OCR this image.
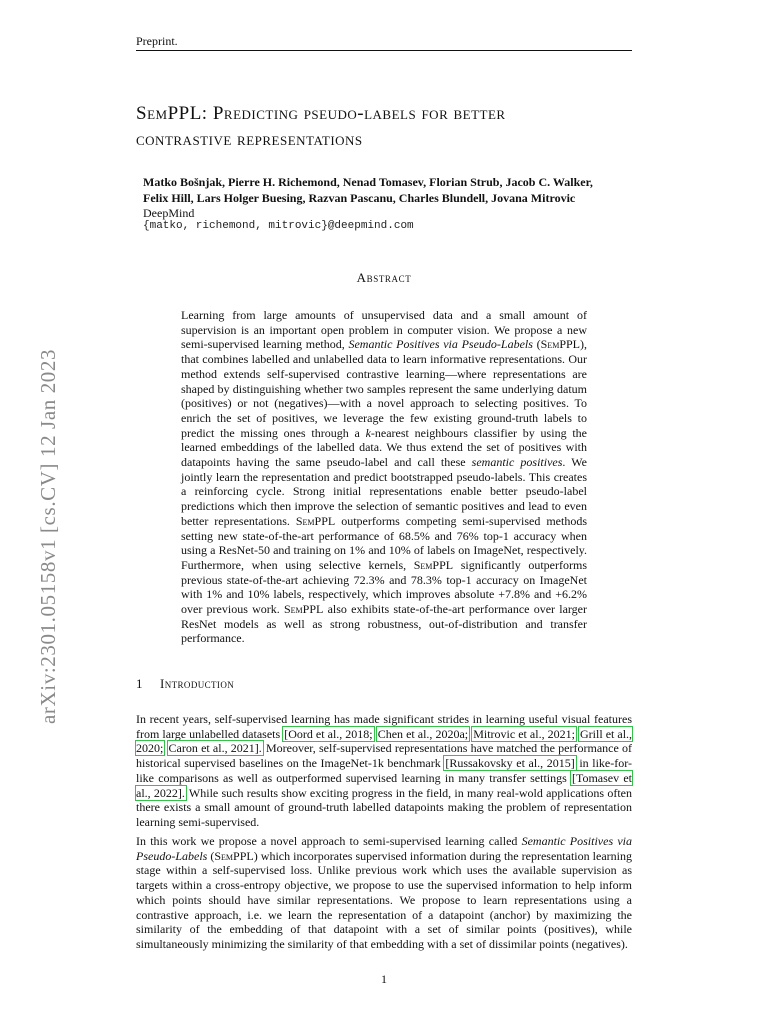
Preprint.
arXiv:2301.05158v1 [cs.CV] 12 Jan 2023
SemPPL: Predicting pseudo-labels for better
contrastive representations
Matko Bošnjak, Pierre H. Richemond, Nenad Tomasev, Florian Strub, Jacob C. Walker,
Felix Hill, Lars Holger Buesing, Razvan Pascanu, Charles Blundell, Jovana Mitrovic
DeepMind
{matko, richemond, mitrovic}@deepmind.com
Abstract

Learning from large amounts of unsupervised data and a small amount of supervision is an important open problem in computer vision. We propose a new semi-supervised learning method, Semantic Positives via Pseudo-Labels (SemPPL), that combines labelled and unlabelled data to learn informative representations. Our method extends self-supervised contrastive learning—where representations are shaped by distinguishing whether two samples represent the same underlying datum (positives) or not (negatives)—with a novel approach to selecting positives. To enrich the set of positives, we leverage the few existing ground-truth labels to predict the missing ones through a k-nearest neighbours classifier by using the learned embeddings of the labelled data. We thus extend the set of positives with datapoints having the same pseudo-label and call these semantic positives. We jointly learn the representation and predict bootstrapped pseudo-labels. This creates a reinforcing cycle. Strong initial representations enable better pseudo-label predictions which then improve the selection of semantic positives and lead to even better representations. SemPPL outperforms competing semi-supervised methods setting new state-of-the-art performance of 68.5% and 76% top-1 accuracy when using a ResNet-50 and training on 1% and 10% of labels on ImageNet, respectively. Furthermore, when using selective kernels, SemPPL significantly outperforms previous state-of-the-art achieving 72.3% and 78.3% top-1 accuracy on ImageNet with 1% and 10% labels, respectively, which improves absolute +7.8% and +6.2% over previous work. SemPPL also exhibits state-of-the-art performance over larger ResNet models as well as strong robustness, out-of-distribution and transfer performance.

1 Introduction

In recent years, self-supervised learning has made significant strides in learning useful visual features from large unlabelled datasets [Oord et al., 2018; Chen et al., 2020a; Mitrovic et al., 2021; Grill et al., 2020; Caron et al., 2021]. Moreover, self-supervised representations have matched the performance of historical supervised baselines on the ImageNet-1k benchmark [Russakovsky et al., 2015] in like-for-like comparisons as well as outperformed supervised learning in many transfer settings [Tomasev et al., 2022]. While such results show exciting progress in the field, in many real-wold applications often there exists a small amount of ground-truth labelled datapoints making the problem of representation learning semi-supervised.

In this work we propose a novel approach to semi-supervised learning called Semantic Positives via Pseudo-Labels (SemPPL) which incorporates supervised information during the representation learning stage within a self-supervised loss. Unlike previous work which uses the available supervision as targets within a cross-entropy objective, we propose to use the supervised information to help inform which points should have similar representations. We propose to learn representations using a contrastive approach, i.e. we learn the representation of a datapoint (anchor) by maximizing the similarity of the embedding of that datapoint with a set of similar points (positives), while simultaneously minimizing the similarity of that embedding with a set of dissimilar points (negatives).

1
